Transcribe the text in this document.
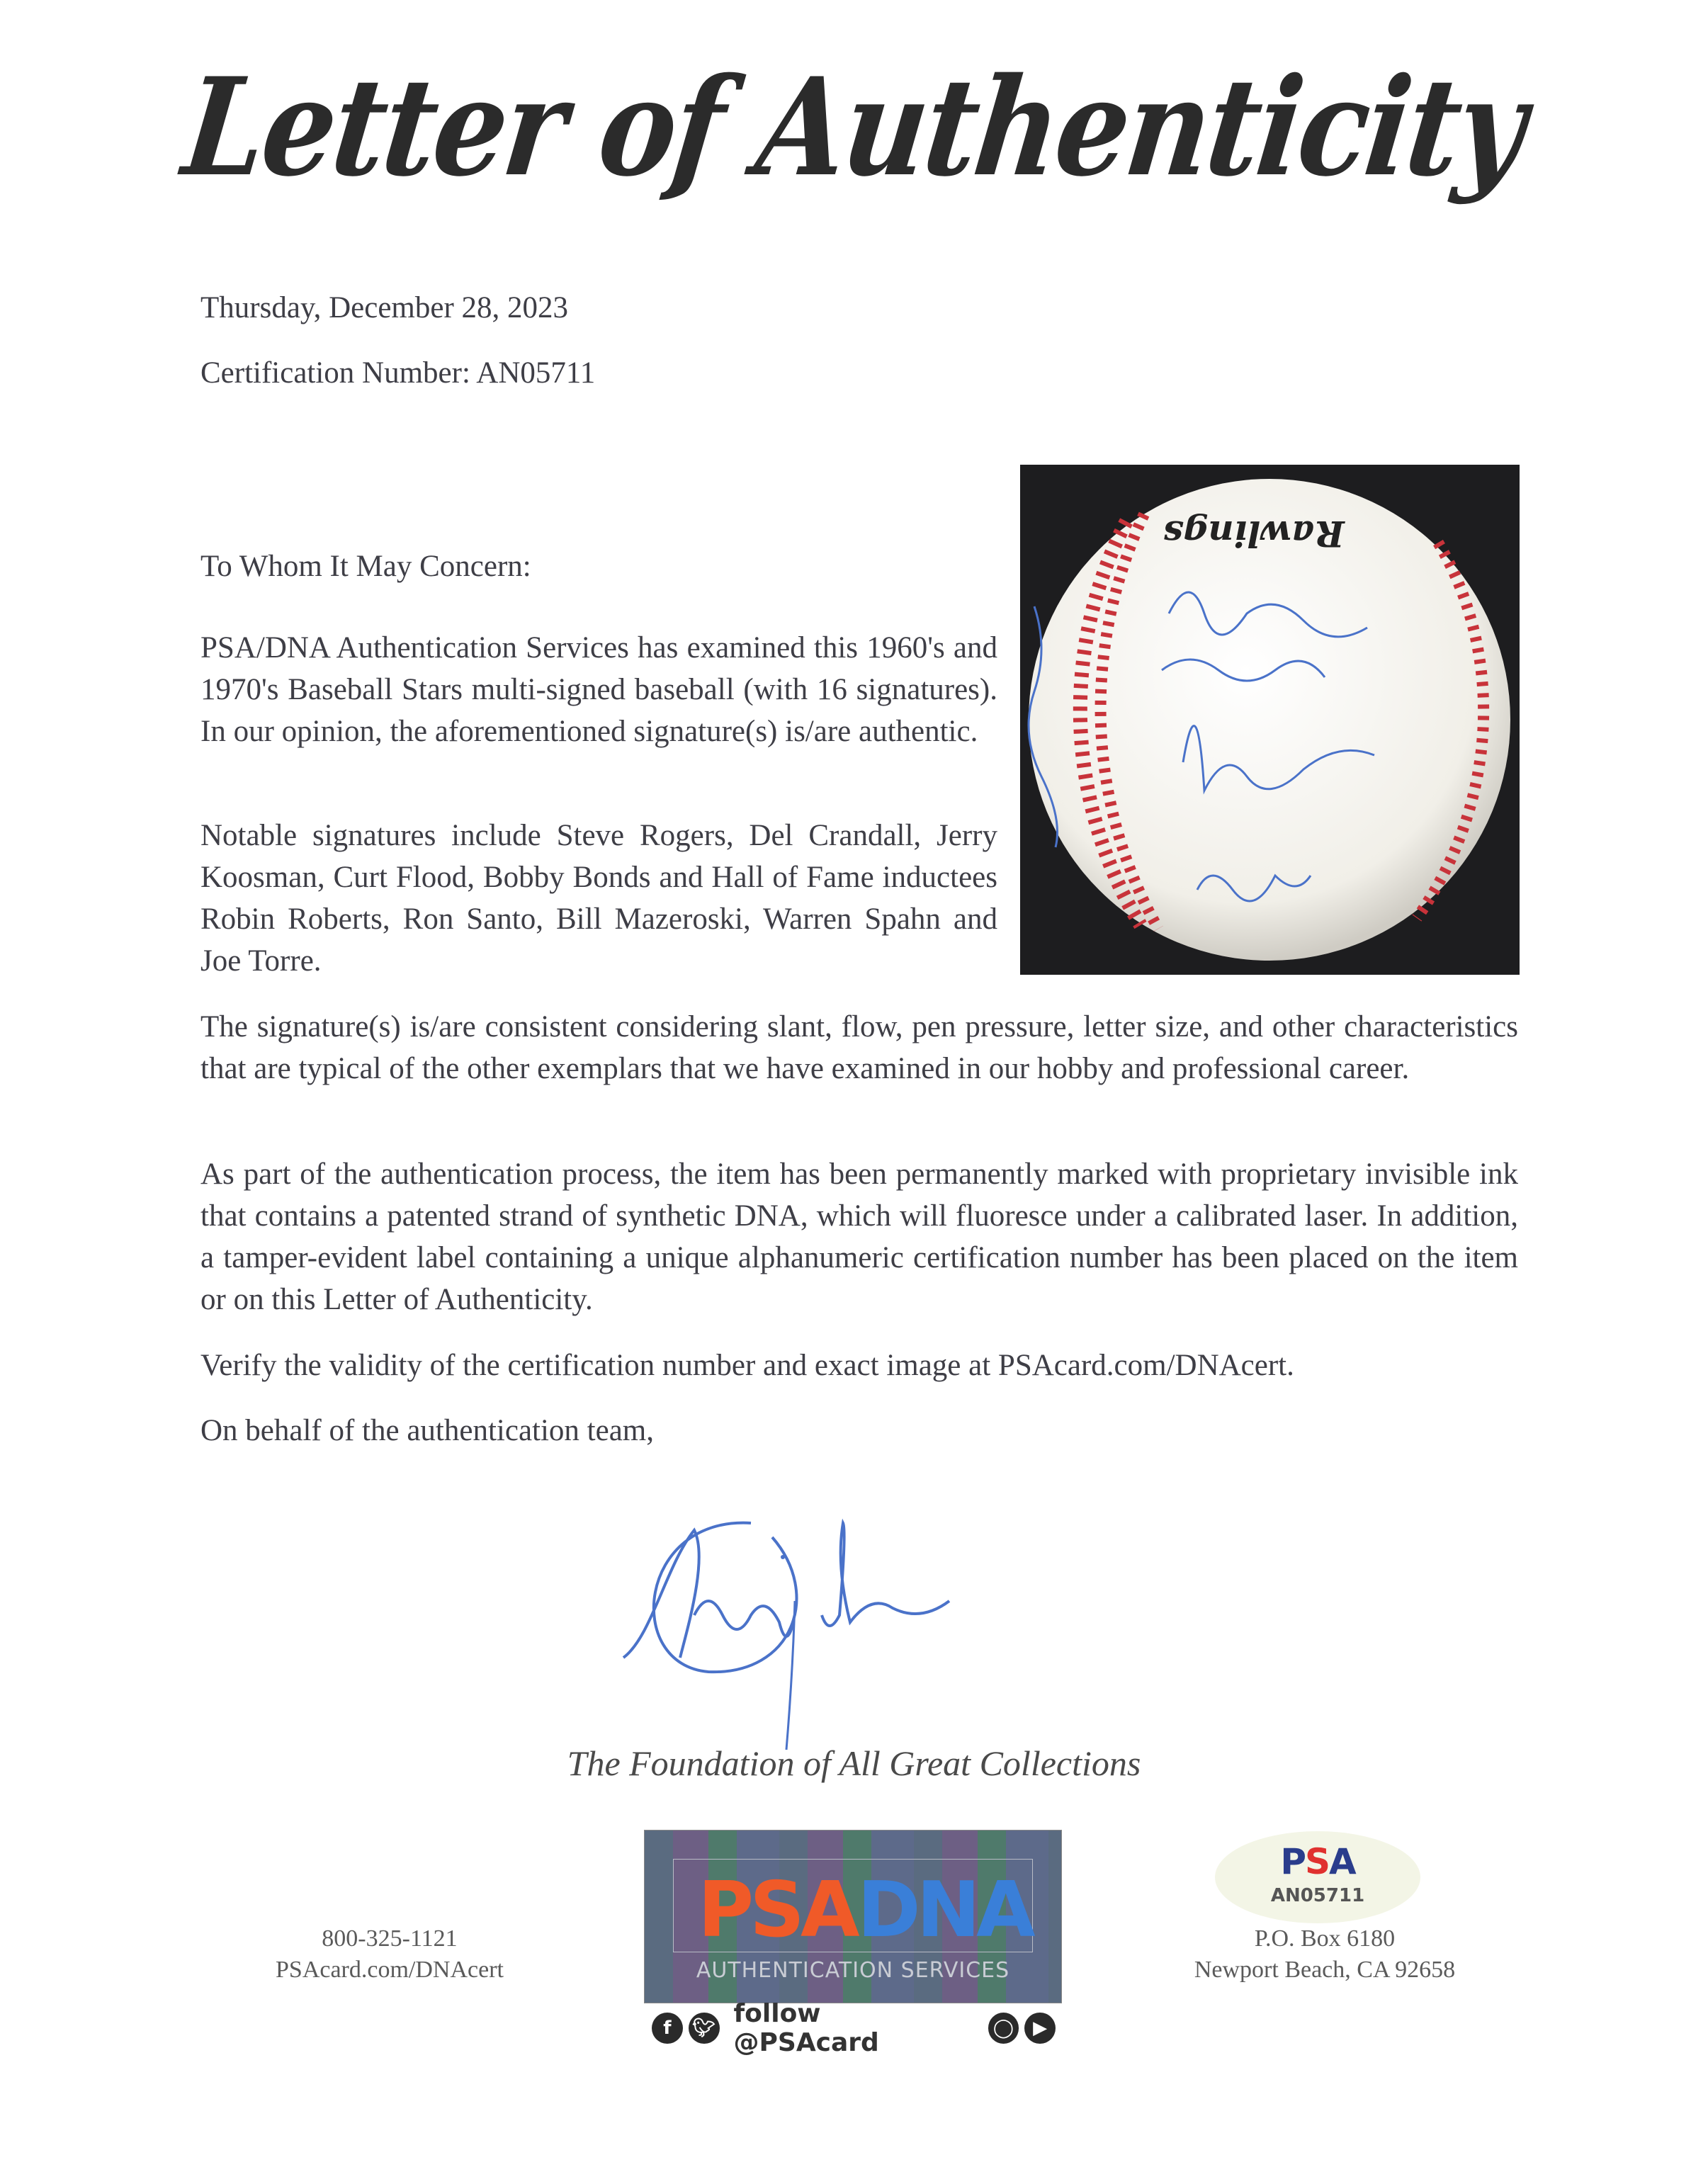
Letter of Authenticity
Thursday, December 28, 2023
Certification Number: AN05711
Rawlings
To Whom It May Concern:
PSA/DNA Authentication Services has examined this 1960's and 1970's Baseball Stars multi-signed baseball (with 16 signatures). In our opinion, the aforementioned signature(s) is/are authentic.
Notable signatures include Steve Rogers, Del Crandall, Jerry Koosman, Curt Flood, Bobby Bonds and Hall of Fame inductees Robin Roberts, Ron Santo, Bill Mazeroski, Warren Spahn and Joe Torre.
The signature(s) is/are consistent considering slant, flow, pen pressure, letter size, and other characteristics that are typical of the other exemplars that we have examined in our hobby and professional career.
As part of the authentication process, the item has been permanently marked with proprietary invisible ink that contains a patented strand of synthetic DNA, which will fluoresce under a calibrated laser. In addition, a tamper-evident label containing a unique alphanumeric certification number has been placed on the item or on this Letter of Authenticity.
Verify the validity of the certification number and exact image at PSAcard.com/DNAcert.
On behalf of the authentication team,
The Foundation of All Great Collections
800-325-1121
PSAcard.com/DNAcert
PSA DNA
AUTHENTICATION SERVICES
f	🐦︎ follow @PSAcard	◯	▶
PSA
AN05711
P.O. Box 6180
Newport Beach, CA 92658
